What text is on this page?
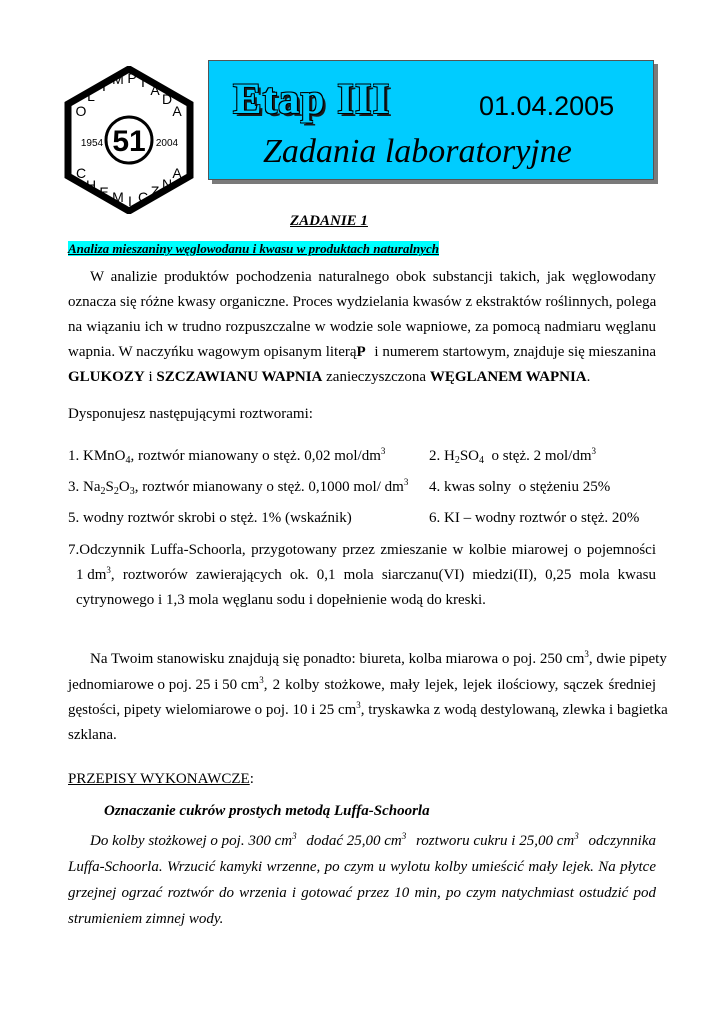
51
1954	2004
O
L
I M P I A
D
A
C
H E M I C Z N
A
Etap III	01.04.2005
Zadania laboratoryjne
ZADANIE 1
Analiza mieszaniny węglowodanu i kwasu w produktach naturalnych
W analizie produktów pochodzenia naturalnego obok substancji takich, jak węglowodany
oznacza się różne kwasy organiczne. Proces wydzielania kwasów z ekstraktów roślinnych, polega
na wiązaniu ich w trudno rozpuszczalne w wodzie sole wapniowe, za pomocą nadmiaru węglanu
wapnia. W naczyńku wagowym opisanym literą P i numerem startowym, znajduje się mieszanina
GLUKOZY i SZCZAWIANU WAPNIA zanieczyszczona WĘGLANEM WAPNIA.
Dysponujesz następującymi roztworami:
1. KMnO$_4$, roztwór mianowany o stęż. 0,02 mol/$dm^3$	2. $H_2SO_4$  o stęż. 2 mol/$dm^3$
3. $Na_2S_2O_3$, roztwór mianowany o stęż. 0,1000 mol/ $dm^3$ 4. kwas solny  o stężeniu 25%
5. wodny roztwór skrobi o stęż. 1% (wskaźnik)	6. KI – wodny roztwór o stęż. 20%
7.Odczynnik Luffa-Schoorla, przygotowany przez zmieszanie w kolbie miarowej o pojemności
1 $dm^3$ , roztworów zawierających ok. 0,1 mola siarczanu(VI) miedzi(II), 0,25 mola kwasu
cytrynowego i 1,3 mola węglanu sodu i dopełnienie wodą do kreski.
Na Twoim stanowisku znajdują się ponadto: biureta, kolba miarowa o poj. 250 $cm^3$, dwie pipety
jednomiarowe o poj. 25 i 50 $cm^3$ , 2 kolby stożkowe, mały lejek, lejek ilościowy, sączek średniej
gęstości, pipety wielomiarowe o poj. 10 i 25 $cm^3$ , tryskawka z wodą destylowaną, zlewka i bagietka
szklana.
PRZEPISY WYKONAWCZE:
Oznaczanie cukrów prostych metodą Luffa-Schoorla
Do kolby stożkowej o poj. 300 $cm^3$ dodać 25,00 $cm^3$ roztworu cukru i 25,00 $cm^3$ odczynnika
Luffa-Schoorla. Wrzucić kamyki wrzenne, po czym u wylotu kolby umieścić mały lejek. Na płytce
grzejnej ogrzać roztwór do wrzenia i gotować przez 10 min, po czym natychmiast ostudzić pod
strumieniem zimnej wody.
